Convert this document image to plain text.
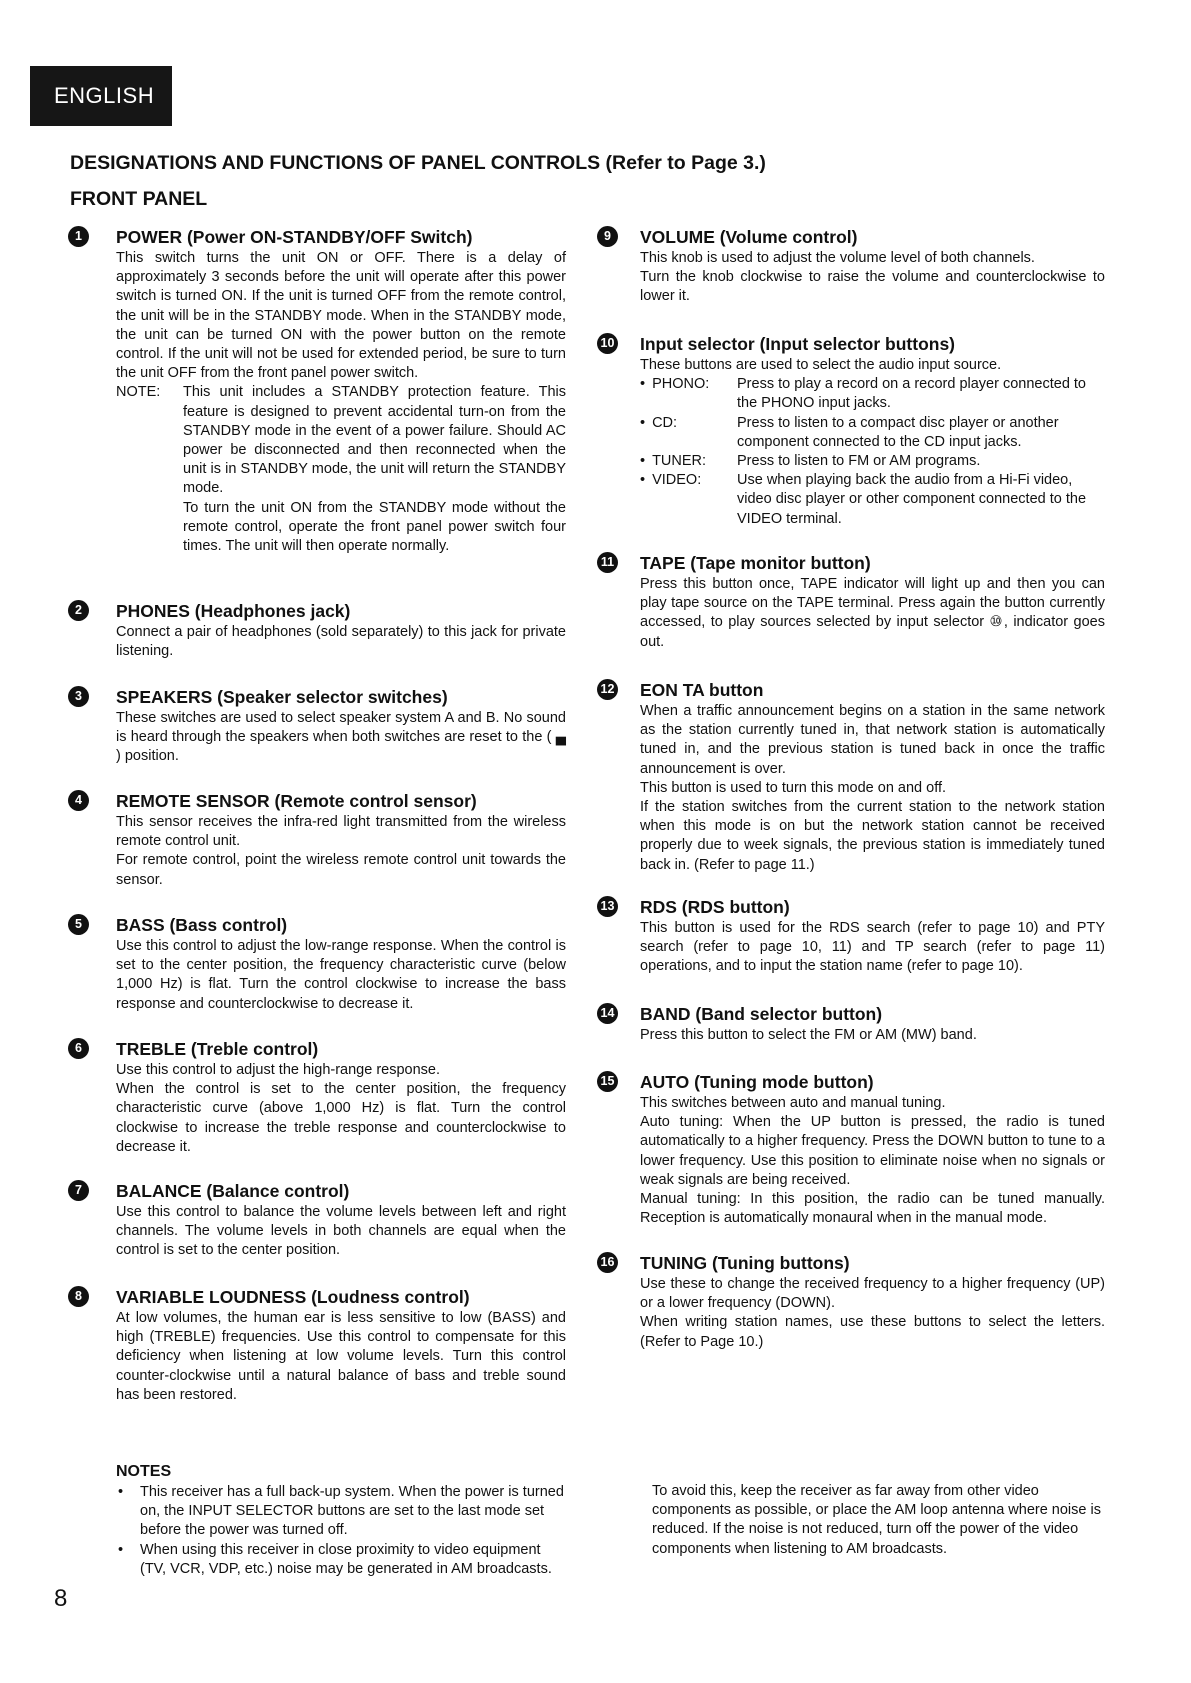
ENGLISH
DESIGNATIONS AND FUNCTIONS OF PANEL CONTROLS (Refer to Page 3.)
FRONT PANEL
1	POWER (Power ON-STANDBY/OFF Switch)

This switch turns the unit ON or OFF. There is a delay of approximately 3 seconds before the unit will operate after this power switch is turned ON. If the unit is turned OFF from the remote control, the unit will be in the STANDBY mode. When in the STANDBY mode, the unit can be turned ON with the power button on the remote control. If the unit will not be used for extended period, be sure to turn the unit OFF from the front panel power switch.

NOTE:	This unit includes a STANDBY protection feature. This feature is designed to prevent accidental turn-on from the STANDBY mode in the event of a power failure. Should AC power be disconnected and then reconnected when the unit is in STANDBY mode, the unit will return the STANDBY mode.

To turn the unit ON from the STANDBY mode without the remote control, operate the front panel power switch four times. The unit will then operate normally.

2	PHONES (Headphones jack)

Connect a pair of headphones (sold separately) to this jack for private listening.

3	SPEAKERS (Speaker selector switches)

These switches are used to select speaker system A and B. No sound is heard through the speakers when both switches are reset to the ( ▄ ) position.

4	REMOTE SENSOR (Remote control sensor)

This sensor receives the infra-red light transmitted from the wireless remote control unit.

For remote control, point the wireless remote control unit towards the sensor.

5	BASS (Bass control)

Use this control to adjust the low-range response. When the control is set to the center position, the frequency characteristic curve (below 1,000 Hz) is flat. Turn the control clockwise to increase the bass response and counterclockwise to decrease it.

6	TREBLE (Treble control)

Use this control to adjust the high-range response.

When the control is set to the center position, the frequency characteristic curve (above 1,000 Hz) is flat. Turn the control clockwise to increase the treble response and counterclockwise to decrease it.

7	BALANCE (Balance control)

Use this control to balance the volume levels between left and right channels. The volume levels in both channels are equal when the control is set to the center position.

8	VARIABLE LOUDNESS (Loudness control)

At low volumes, the human ear is less sensitive to low (BASS) and high (TREBLE) frequencies. Use this control to compensate for this deficiency when listening at low volume levels. Turn this control counter-clockwise until a natural balance of bass and treble sound has been restored.

9	VOLUME (Volume control)

This knob is used to adjust the volume level of both channels.

Turn the knob clockwise to raise the volume and counterclockwise to lower it.

10 Input selector (Input selector buttons)

These buttons are used to select the audio input source.

• PHONO:	Press to play a record on a record player connected to the PHONO input jacks.
• CD:	Press to listen to a compact disc player or another component connected to the CD input jacks.
• TUNER:	Press to listen to FM or AM programs.
• VIDEO:	Use when playing back the audio from a Hi-Fi video, video disc player or other component connected to the VIDEO terminal.
11 TAPE (Tape monitor button)

Press this button once, TAPE indicator will light up and then you can play tape source on the TAPE terminal. Press again the button currently accessed, to play sources selected by input selector ⑩, indicator goes out.

12 EON TA button

When a traffic announcement begins on a station in the same network as the station currently tuned in, that network station is automatically tuned in, and the previous station is tuned back in once the traffic announcement is over.

This button is used to turn this mode on and off.

If the station switches from the current station to the network station when this mode is on but the network station cannot be received properly due to week signals, the previous station is immediately tuned back in. (Refer to page 11.)

13 RDS (RDS button)

This button is used for the RDS search (refer to page 10) and PTY search (refer to page 10, 11) and TP search (refer to page 11) operations, and to input the station name (refer to page 10).

14 BAND (Band selector button)

Press this button to select the FM or AM (MW) band.

15 AUTO (Tuning mode button)

This switches between auto and manual tuning.

Auto tuning: When the UP button is pressed, the radio is tuned automatically to a higher frequency. Press the DOWN button to tune to a lower frequency. Use this position to eliminate noise when no signals or weak signals are being received.

Manual tuning: In this position, the radio can be tuned manually. Reception is automatically monaural when in the manual mode.

16 TUNING (Tuning buttons)

Use these to change the received frequency to a higher frequency (UP) or a lower frequency (DOWN).

When writing station names, use these buttons to select the letters. (Refer to Page 10.)

NOTES
• This receiver has a full back-up system. When the power is turned on, the INPUT SELECTOR buttons are set to the last mode set before the power was turned off.
• When using this receiver in close proximity to video equipment (TV, VCR, VDP, etc.) noise may be generated in AM broadcasts.

To avoid this, keep the receiver as far away from other video components as possible, or place the AM loop antenna where noise is reduced. If the noise is not reduced, turn off the power of the video components when listening to AM broadcasts.

8
